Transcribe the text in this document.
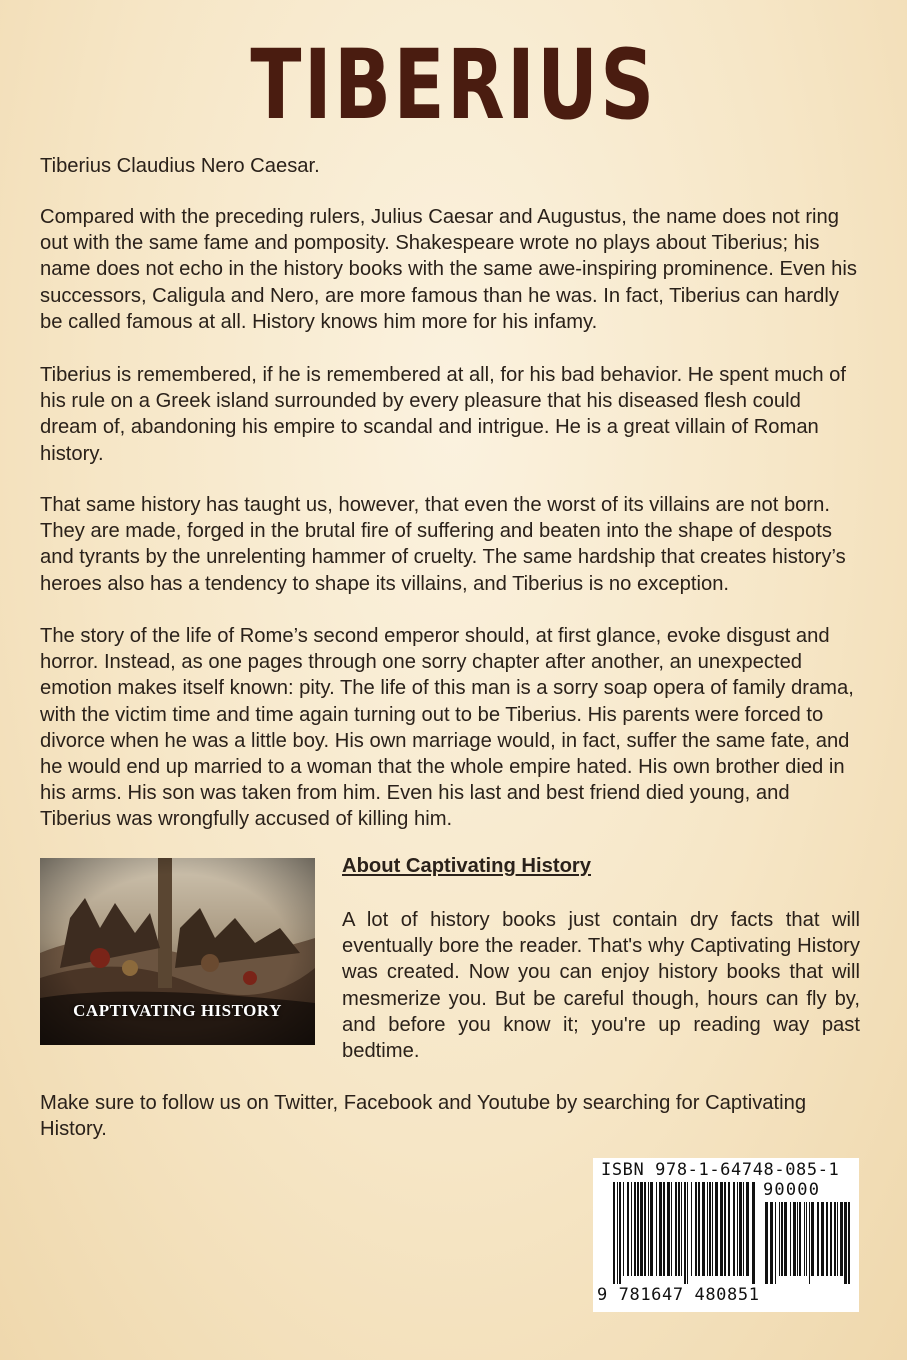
TIBERIUS

Tiberius Claudius Nero Caesar.

Compared with the preceding rulers, Julius Caesar and Augustus, the name does not ring out with the same fame and pomposity. Shakespeare wrote no plays about Tiberius; his name does not echo in the history books with the same awe-inspiring prominence. Even his successors, Caligula and Nero, are more famous than he was. In fact, Tiberius can hardly be called famous at all. History knows him more for his infamy.

Tiberius is remembered, if he is remembered at all, for his bad behavior. He spent much of his rule on a Greek island surrounded by every pleasure that his diseased flesh could dream of, abandoning his empire to scandal and intrigue. He is a great villain of Roman history.

That same history has taught us, however, that even the worst of its villains are not born. They are made, forged in the brutal fire of suffering and beaten into the shape of despots and tyrants by the unrelenting hammer of cruelty. The same hardship that creates history’s heroes also has a tendency to shape its villains, and Tiberius is no exception.

The story of the life of Rome’s second emperor should, at first glance, evoke disgust and horror. Instead, as one pages through one sorry chapter after another, an unexpected emotion makes itself known: pity. The life of this man is a sorry soap opera of family drama, with the victim time and time again turning out to be Tiberius. His parents were forced to divorce when he was a little boy. His own marriage would, in fact, suffer the same fate, and he would end up married to a woman that the whole empire hated. His own brother died in his arms. His son was taken from him. Even his last and best friend died young, and Tiberius was wrongfully accused of killing him.

CAPTIVATING HISTORY

About Captivating History

A lot of history books just contain dry facts that will eventually bore the reader. That's why Captivating History was created. Now you can enjoy history books that will mesmerize you. But be careful though, hours can fly by, and before you know it; you're up reading way past bedtime.

Make sure to follow us on Twitter, Facebook and Youtube by searching for Captivating History.

ISBN 978-1-64748-085-1

90000

9 781647 480851
